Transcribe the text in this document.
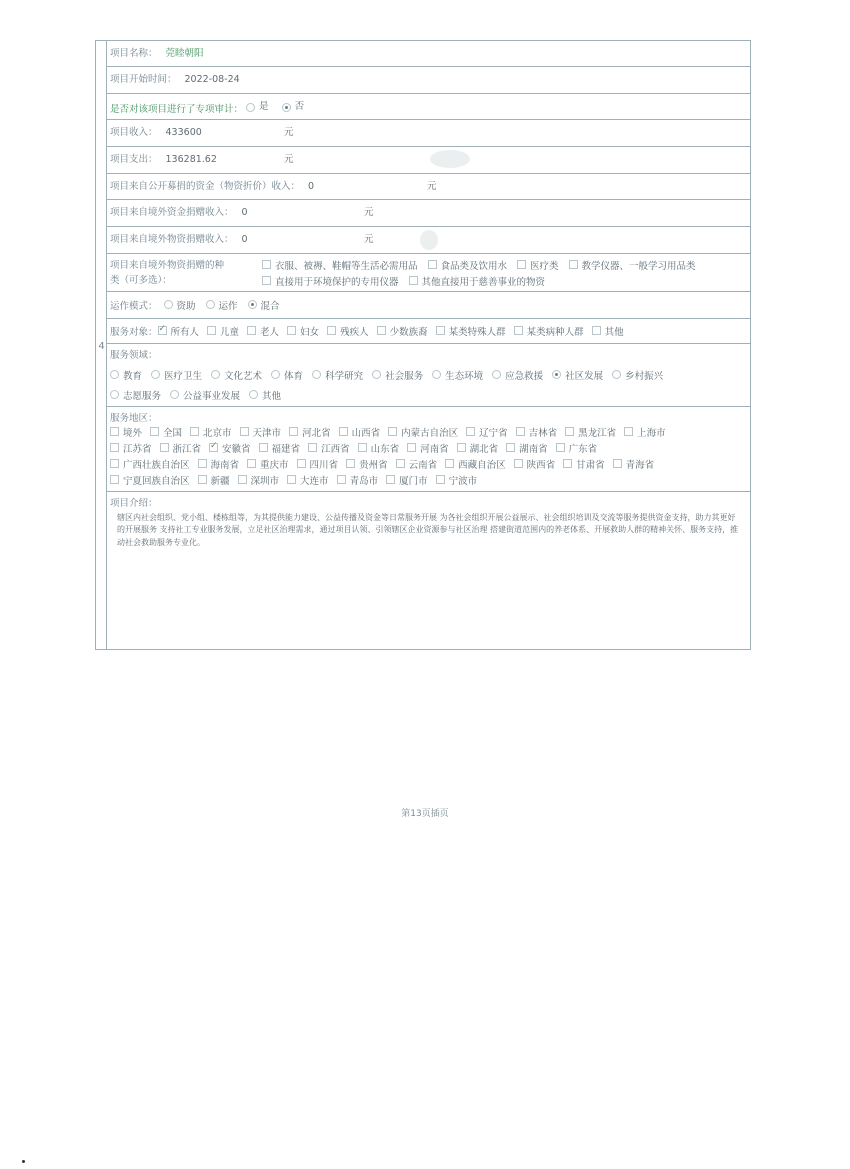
4
项目名称： 莞睦朝阳
项目开始时间： 2022-08-24
是否对该项目进行了专项审计： 是
	否
项目收入： 433600	元
项目支出： 136281.62	元
项目来自公开募捐的资金（物资折价）收入： 0	元
项目来自境外资金捐赠收入： 0	元
项目来自境外物资捐赠收入： 0	元
项目来自境外物资捐赠的种
类（可多选）：
衣服、被褥、鞋帽等生活必需用品 食品类及饮用水 医疗类 教学仪器、一般学习用品类
直接用于环境保护的专用仪器 其他直接用于慈善事业的物资
运作模式： 资助 运作 混合
服务对象： ✓ 所有人 儿童 老人 妇女 残疾人 少数族裔 某类特殊人群 某类病种人群 其他
服务领域：
教育 医疗卫生 文化艺术 体育 科学研究 社会服务 生态环境 应急救援 社区发展 乡村振兴
志愿服务 公益事业发展 其他
服务地区：
境外 全国 北京市 天津市 河北省 山西省 内蒙古自治区 辽宁省 吉林省 黑龙江省 上海市
江苏省 浙江省 ✓ 安徽省 福建省 江西省 山东省 河南省 湖北省 湖南省 广东省
广西壮族自治区 海南省 重庆市 四川省 贵州省 云南省 西藏自治区 陕西省 甘肃省 青海省
宁夏回族自治区 新疆 深圳市 大连市 青岛市 厦门市 宁波市
项目介绍：
辖区内社会组织、党小组、楼栋组等，为其提供能力建设、公益传播及资金等日常服务开展 为各社会组织开展公益展示、社会组织培训及交流等服务提供资金支持，助力其更好的开展服务 支持社工专业服务发展，立足社区治理需求，通过项目认领、引领辖区企业资源参与社区治理 搭建街道范围内的养老体系、开展救助人群的精神关怀、服务支持，推动社会救助服务专业化。
第13页插页
